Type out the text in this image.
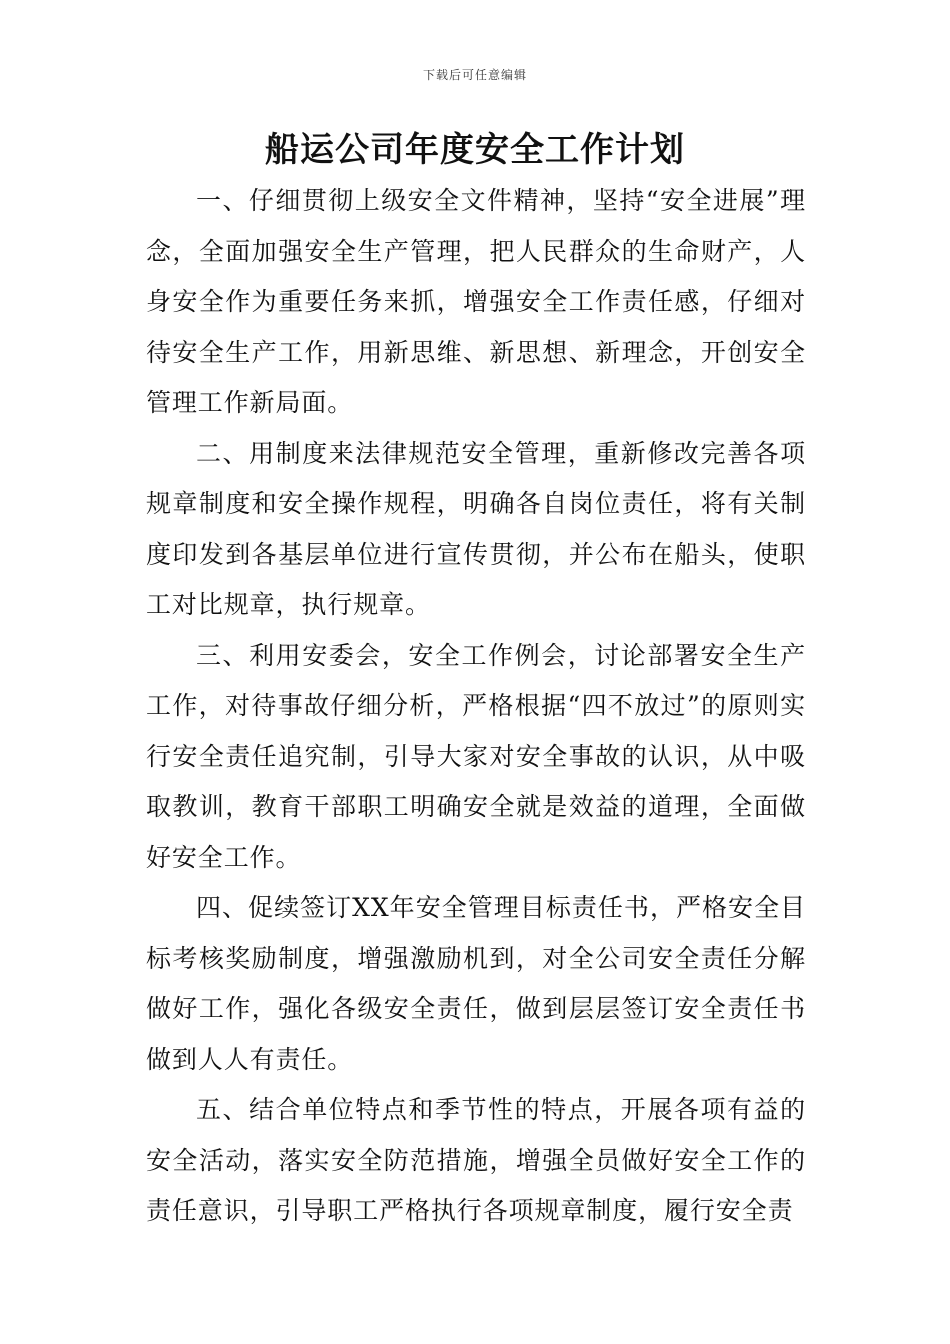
下载后可任意编辑
船运公司年度安全工作计划

一、仔细贯彻上级安全文件精神，坚持“安全进展”理念，全面加强安全生产管理，把人民群众的生命财产，人身安全作为重要任务来抓，增强安全工作责任感，仔细对待安全生产工作，用新思维、新思想、新理念，开创安全管理工作新局面。

二、用制度来法律规范安全管理，重新修改完善各项规章制度和安全操作规程，明确各自岗位责任，将有关制度印发到各基层单位进行宣传贯彻，并公布在船头，使职工对比规章，执行规章。

三、利用安委会，安全工作例会，讨论部署安全生产工作，对待事故仔细分析，严格根据“四不放过”的原则实行安全责任追究制，引导大家对安全事故的认识，从中吸取教训，教育干部职工明确安全就是效益的道理，全面做好安全工作。

四、促续签订XX年安全管理目标责任书，严格安全目标考核奖励制度，增强激励机到，对全公司安全责任分解做好工作，强化各级安全责任，做到层层签订安全责任书做到人人有责任。

五、结合单位特点和季节性的特点，开展各项有益的安全活动，落实安全防范措施，增强全员做好安全工作的责任意识，引导职工严格执行各项规章制度，履行安全责
